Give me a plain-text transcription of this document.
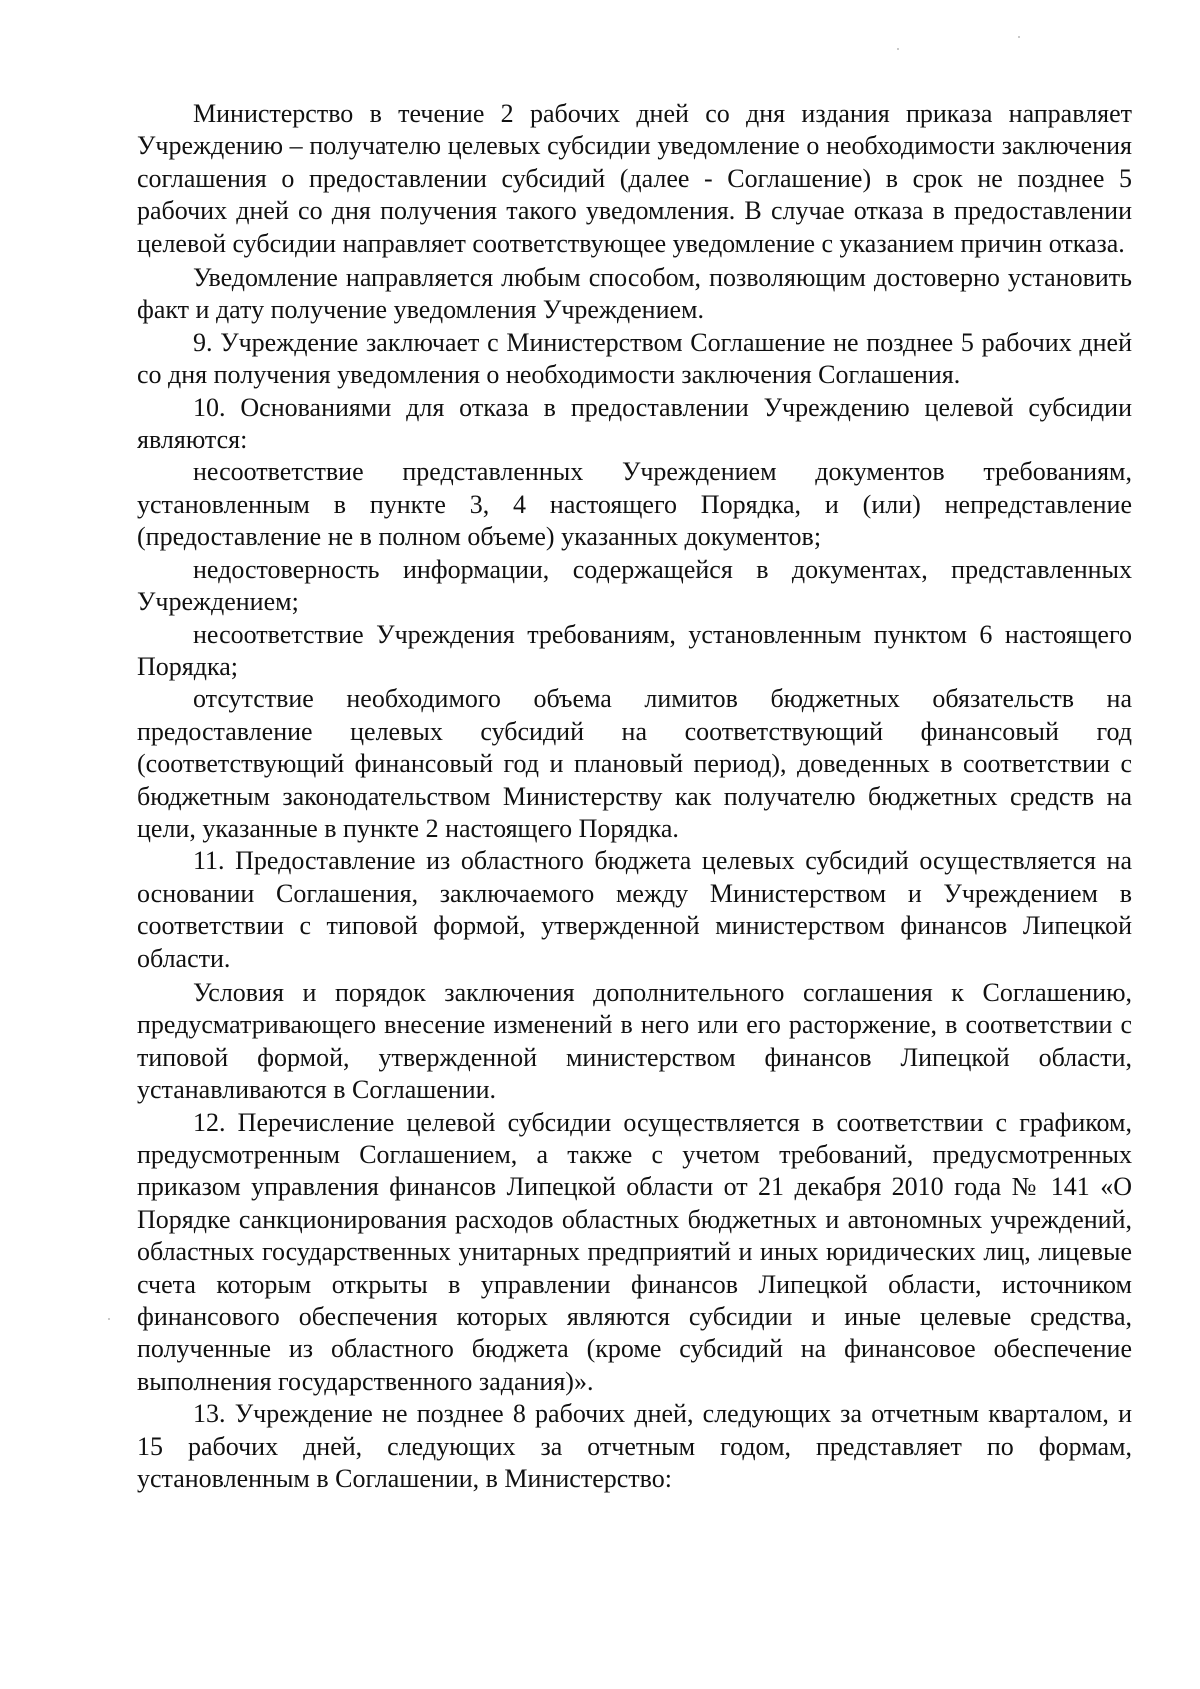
Министерство в течение 2 рабочих дней со дня издания приказа направляет Учреждению – получателю целевых субсидии уведомление о необходимости заключения соглашения о предоставлении субсидий (далее - Соглашение) в срок не позднее 5 рабочих дней со дня получения такого уведомления. В случае отказа в предоставлении целевой субсидии направляет соответствующее уведомление с указанием причин отказа.

Уведомление направляется любым способом, позволяющим достоверно установить факт и дату получение уведомления Учреждением.

9. Учреждение заключает с Министерством Соглашение не позднее 5 рабочих дней со дня получения уведомления о необходимости заключения Соглашения.

10. Основаниями для отказа в предоставлении Учреждению целевой субсидии являются:

несоответствие представленных Учреждением документов требованиям, установленным в пункте 3, 4 настоящего Порядка, и (или) непредставление (предоставление не в полном объеме) указанных документов;

недостоверность информации, содержащейся в документах, представленных Учреждением;

несоответствие Учреждения требованиям, установленным пунктом 6 настоящего Порядка;

отсутствие необходимого объема лимитов бюджетных обязательств на предоставление целевых субсидий на соответствующий финансовый год (соответствующий финансовый год и плановый период), доведенных в соответствии с бюджетным законодательством Министерству как получателю бюджетных средств на цели, указанные в пункте 2 настоящего Порядка.

11. Предоставление из областного бюджета целевых субсидий осуществляется на основании Соглашения, заключаемого между Министерством и Учреждением в соответствии с типовой формой, утвержденной министерством финансов Липецкой области.

Условия и порядок заключения дополнительного соглашения к Соглашению, предусматривающего внесение изменений в него или его расторжение, в соответствии с типовой формой, утвержденной министерством финансов Липецкой области, устанавливаются в Соглашении.

12. Перечисление целевой субсидии осуществляется в соответствии с графиком, предусмотренным Соглашением, а также с учетом требований, предусмотренных приказом управления финансов Липецкой области от 21 декабря 2010 года № 141 «О Порядке санкционирования расходов областных бюджетных и автономных учреждений, областных государственных унитарных предприятий и иных юридических лиц, лицевые счета которым открыты в управлении финансов Липецкой области, источником финансового обеспечения которых являются субсидии и иные целевые средства, полученные из областного бюджета (кроме субсидий на финансовое обеспечение выполнения государственного задания)».

13. Учреждение не позднее 8 рабочих дней, следующих за отчетным кварталом, и 15 рабочих дней, следующих за отчетным годом, представляет по формам, установленным в Соглашении, в Министерство:
